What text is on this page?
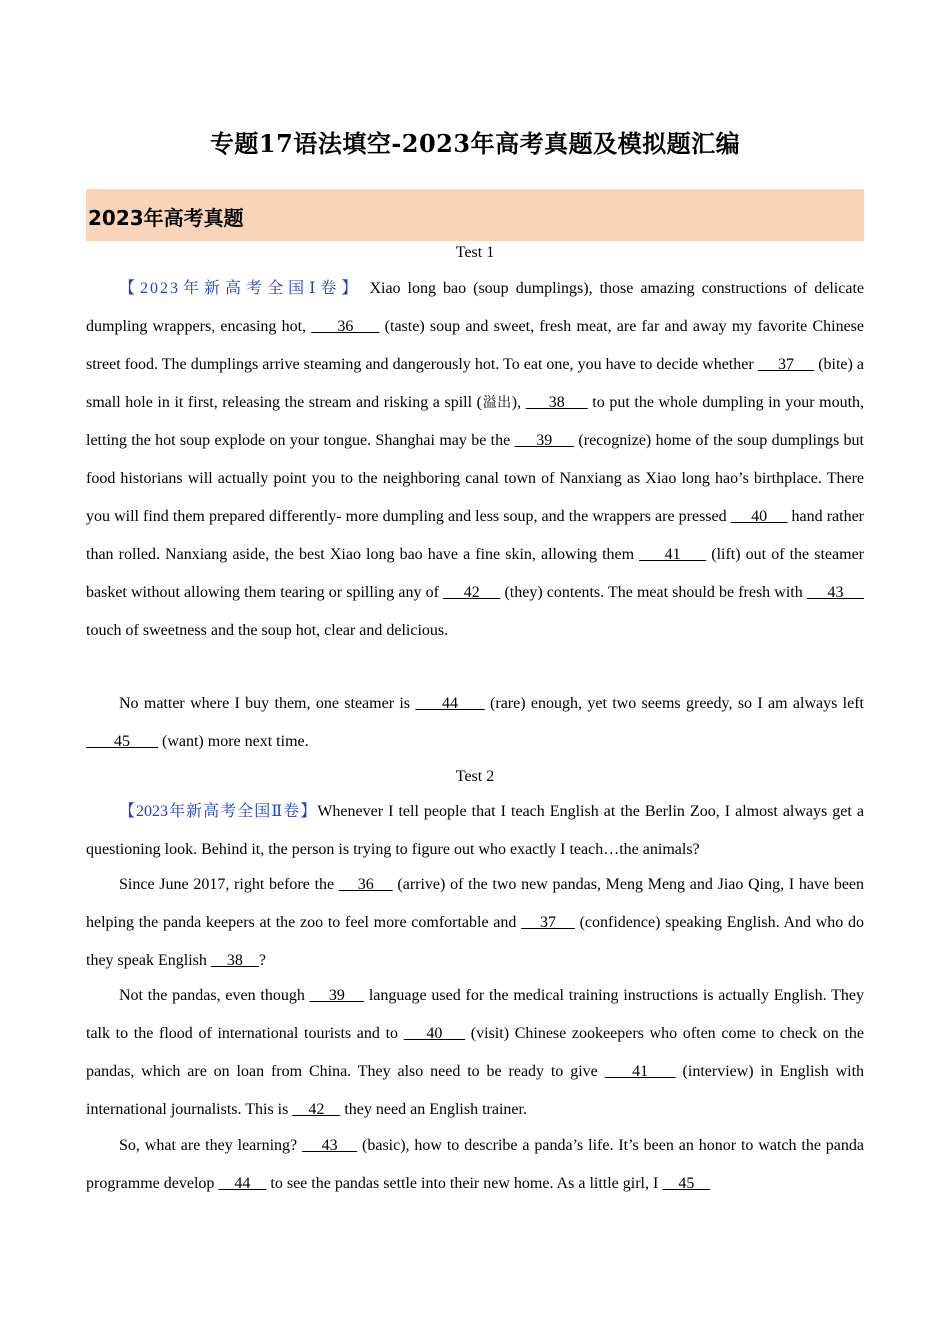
专题17语法填空-2023年高考真题及模拟题汇编
2023年高考真题
Test 1
【2023年新高考全国Ⅰ卷】 Xiao long bao (soup dumplings), those amazing constructions of delicate dumpling wrappers, encasing hot,      36      (taste) soup and sweet, fresh meat, are far and away my favorite Chinese street food. The dumplings arrive steaming and dangerously hot. To eat one, you have to decide whether      37      (bite) a small hole in it first, releasing the stream and risking a spill (溢出),      38      to put the whole dumpling in your mouth, letting the hot soup explode on your tongue. Shanghai may be the      39      (recognize) home of the soup dumplings but food historians will actually point you to the neighboring canal town of Nanxiang as Xiao long hao’s birthplace. There you will find them prepared differently- more dumpling and less soup, and the wrappers are pressed      40      hand rather than rolled. Nanxiang aside, the best Xiao long bao have a fine skin, allowing them      41      (lift) out of the steamer basket without allowing them tearing or spilling any of      42      (they) contents. The meat should be fresh with      43      touch of sweetness and the soup hot, clear and delicious.
No matter where I buy them, one steamer is      44      (rare) enough, yet two seems greedy, so I am always left        45        (want) more next time.
Test 2
【2023年新高考全国Ⅱ卷】Whenever I tell people that I teach English at the Berlin Zoo, I almost always get a questioning look. Behind it, the person is trying to figure out who exactly I teach…the animals?
Since June 2017, right before the     36     (arrive) of the two new pandas, Meng Meng and Jiao Qing, I have been helping the panda keepers at the zoo to feel more comfortable and     37     (confidence) speaking English. And who do they speak English     38    ?
Not the pandas, even though     39     language used for the medical training instructions is actually English. They talk to the flood of international tourists and to     40     (visit) Chinese zookeepers who often come to check on the pandas, which are on loan from China. They also need to be ready to give     41     (interview) in English with international journalists. This is     42     they need an English trainer.
So, what are they learning?     43     (basic), how to describe a panda’s life. It’s been an honor to watch the panda programme develop     44     to see the pandas settle into their new home. As a little girl, I     45
